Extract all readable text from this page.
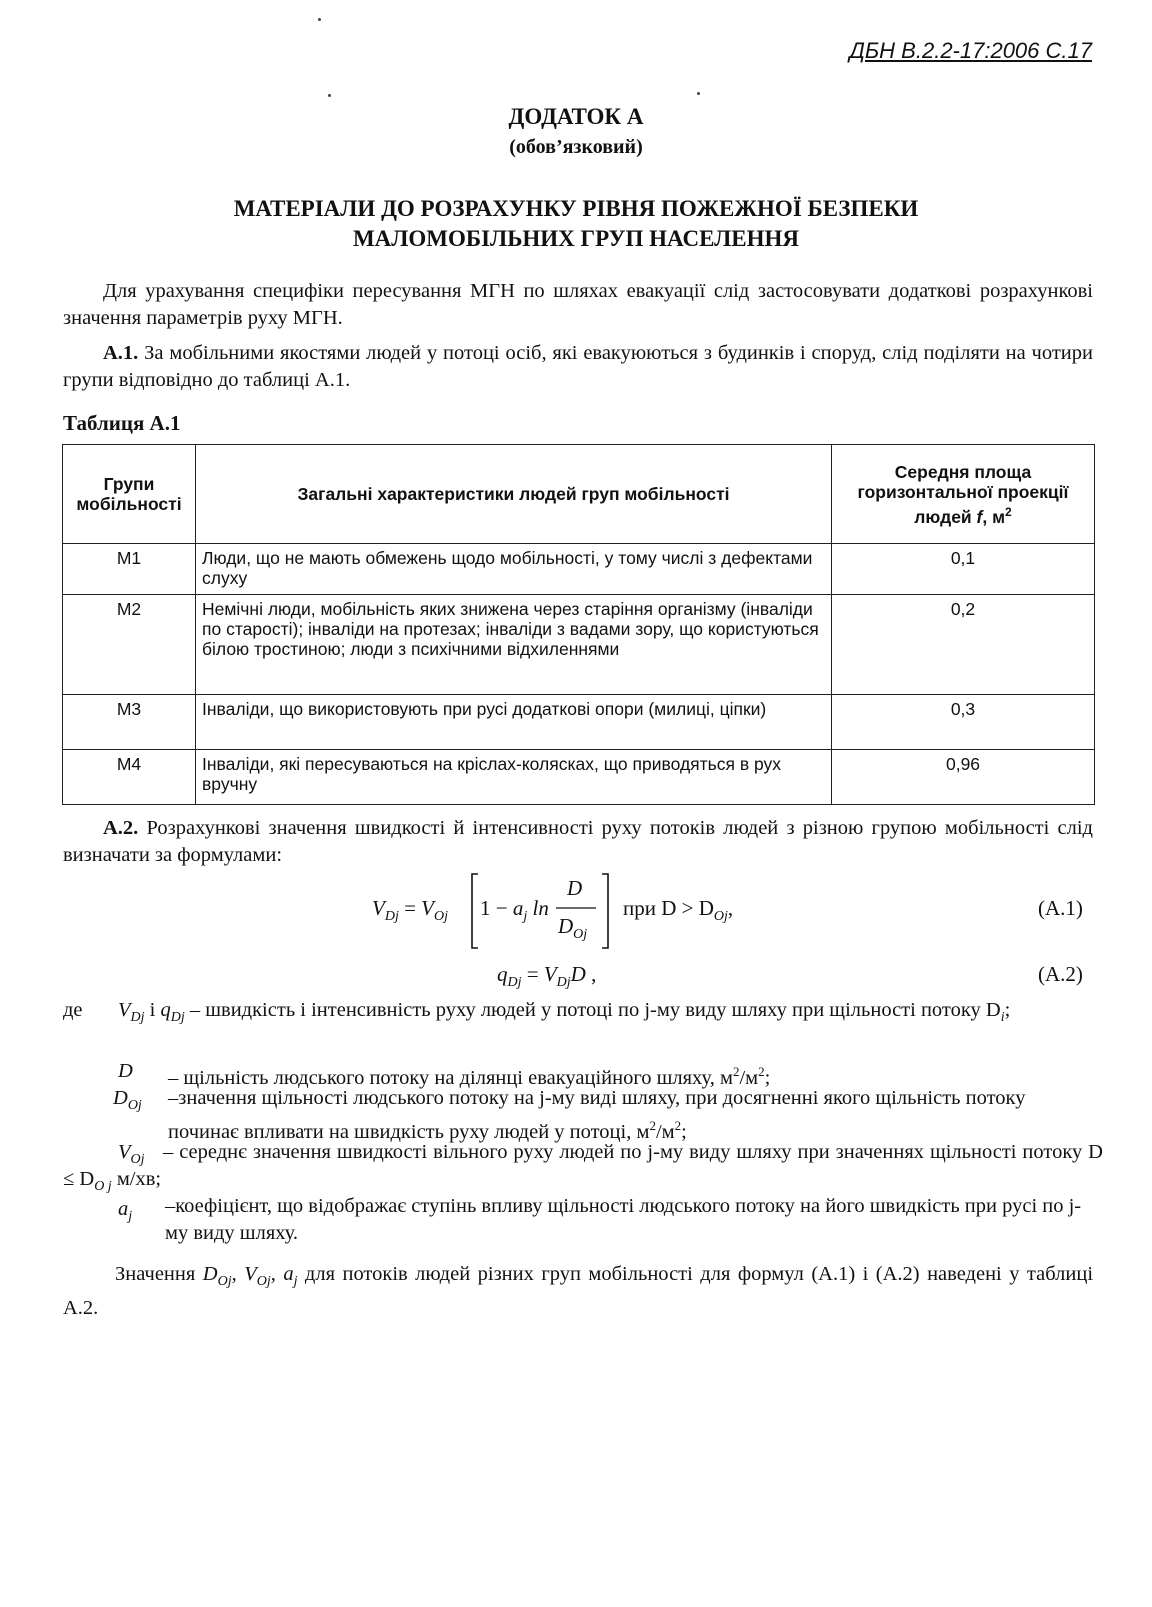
ДБН В.2.2-17:2006 С.17
ДОДАТОК А
(обов’язковий)
МАТЕРІАЛИ ДО РОЗРАХУНКУ РІВНЯ ПОЖЕЖНОЇ БЕЗПЕКИ
МАЛОМОБІЛЬНИХ ГРУП НАСЕЛЕННЯ
Для урахування специфіки пересування МГН по шляхах евакуації слід застосовувати додаткові розрахункові значення параметрів руху МГН.
А.1. За мобільними якостями людей у потоці осіб, які евакуюються з будинків і споруд, слід поділяти на чотири групи відповідно до таблиці А.1.
Таблиця А.1
Групи мобільності	Загальні характеристики людей груп мобільності	Середня площа горизонтальної проекції людей f, $м^2$
М1	Люди, що не мають обмежень щодо мобільності, у тому числі з дефектами слуху	0,1
М2	Немічні люди, мобільність яких знижена через старіння організму (інваліди по старості); інваліди на протезах; інваліди з вадами зору, що користуються білою тростиною; люди з психічними відхиленнями	0,2
М3	Інваліди, що використовують при русі додаткові опори (милиці, ціпки)	0,3
М4	Інваліди, які пересуваються на кріслах-колясках, що приводяться в рух вручну	0,96
А.2. Розрахункові значення швидкості й інтенсивності руху потоків людей з різною групою мобільності слід визначати за формулами:
$V_{Dj} = V_{Oj}$ $1 - a_j$ ln
D
$D_{Oj}$
при $D > D_{Oj}$,	(А.1)
$q_{Dj} = V_{Dj}D$ ,	(А.2)
де $V_{Dj}$ і $q_{Dj}$ – швидкість і інтенсивність руху людей у потоці по j-му виду шляху при щільності потоку $D_i$;
D – щільність людського потоку на ділянці евакуаційного шляху, $м^2/м^2$;
$D_{Oj}$ –значення щільності людського потоку на j-му виді шляху, при досягненні якого щільність потоку починає впливати на швидкість руху людей у потоці, $м^2/м^2$;
$V_{Oj}$ – середнє значення швидкості вільного руху людей по j-му виду шляху при значеннях щільності потоку $D \le D_{O j}$ м/хв;
$a_j$ –коефіцієнт, що відображає ступінь впливу щільності людського потоку на його швидкість при русі по j-му виду шляху.
Значення $D_{Oj}$, $V_{Oj}$, $a_j$ для потоків людей різних груп мобільності для формул (А.1) і (А.2) наведені у таблиці А.2.
